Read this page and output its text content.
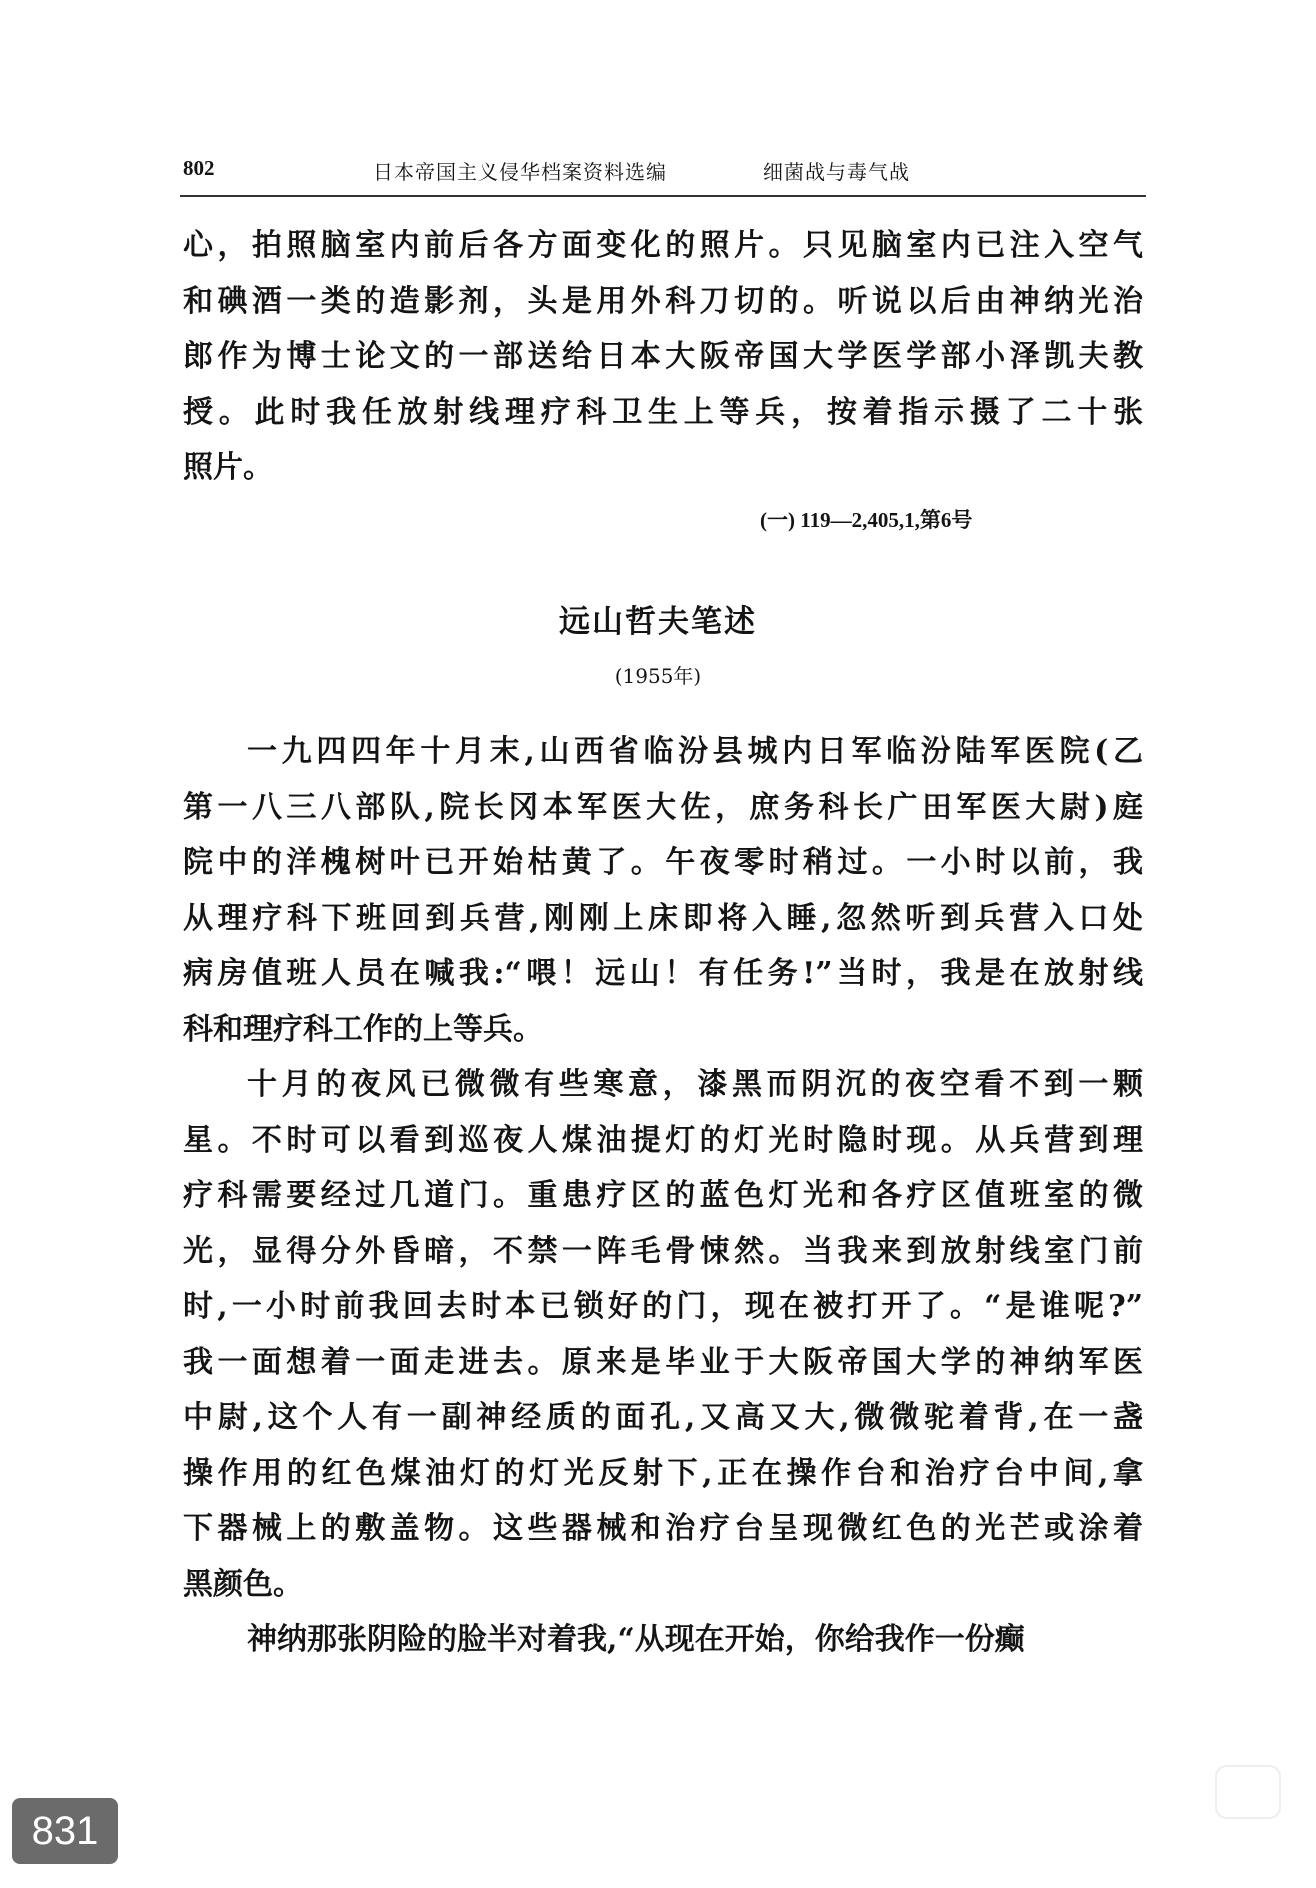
802	日本帝国主义侵华档案资料选编	细菌战与毒气战
心，拍照脑室内前后各方面变化的照片。只见脑室内已注入空气
和碘酒一类的造影剂，头是用外科刀切的。听说以后由神纳光治
郎作为博士论文的一部送给日本大阪帝国大学医学部小泽凯夫教
授。此时我任放射线理疗科卫生上等兵，按着指示摄了二十张
照片。
(一) 119—2,405,1,第6号
远山哲夫笔述
(1955年)
一九四四年十月末,山西省临汾县城内日军临汾陆军医院(乙
第一八三八部队,院长冈本军医大佐，庶务科长广田军医大尉)庭
院中的洋槐树叶已开始枯黄了。午夜零时稍过。一小时以前，我
从理疗科下班回到兵营,刚刚上床即将入睡,忽然听到兵营入口处
病房值班人员在喊我:“喂！远山！有任务!”当时，我是在放射线
科和理疗科工作的上等兵。
十月的夜风已微微有些寒意，漆黑而阴沉的夜空看不到一颗
星。不时可以看到巡夜人煤油提灯的灯光时隐时现。从兵营到理
疗科需要经过几道门。重患疗区的蓝色灯光和各疗区值班室的微
光，显得分外昏暗，不禁一阵毛骨悚然。当我来到放射线室门前
时,一小时前我回去时本已锁好的门，现在被打开了。“是谁呢?”
我一面想着一面走进去。原来是毕业于大阪帝国大学的神纳军医
中尉,这个人有一副神经质的面孔,又高又大,微微驼着背,在一盏
操作用的红色煤油灯的灯光反射下,正在操作台和治疗台中间,拿
下器械上的敷盖物。这些器械和治疗台呈现微红色的光芒或涂着
黑颜色。
神纳那张阴险的脸半对着我,“从现在开始，你给我作一份癫
831
